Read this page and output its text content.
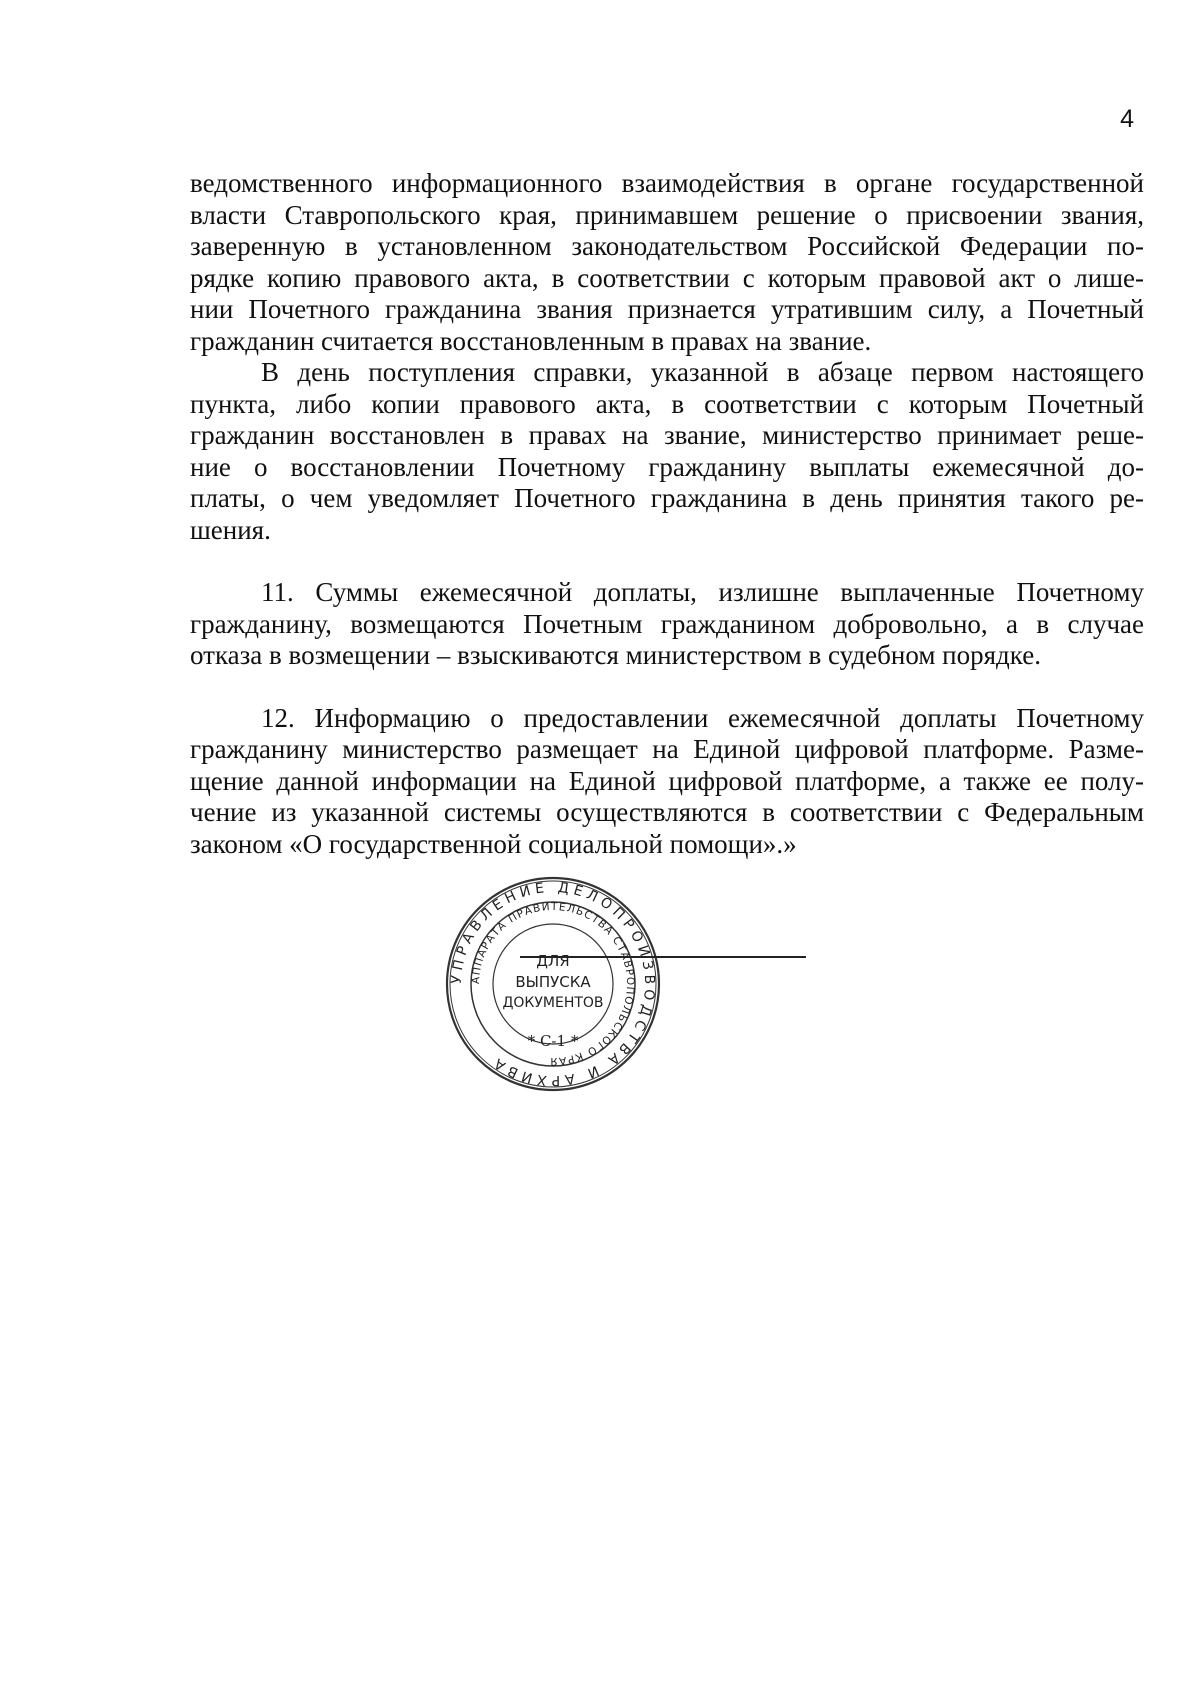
4
ведомственного информационного взаимодействия в органе государственной
власти Ставропольского края, принимавшем решение о присвоении звания,
заверенную в установленном законодательством Российской Федерации по-
рядке копию правового акта, в соответствии с которым правовой акт о лише-
нии Почетного гражданина звания признается утратившим силу, а Почетный
гражданин считается восстановленным в правах на звание.
В день поступления справки, указанной в абзаце первом настоящего
пункта, либо копии правового акта, в соответствии с которым Почетный
гражданин восстановлен в правах на звание, министерство принимает реше-
ние о восстановлении Почетному гражданину выплаты ежемесячной до-
платы, о чем уведомляет Почетного гражданина в день принятия такого ре-
шения.
11. Суммы ежемесячной доплаты, излишне выплаченные Почетному
гражданину, возмещаются Почетным гражданином добровольно, а в случае
отказа в возмещении – взыскиваются министерством в судебном порядке.
12. Информацию о предоставлении ежемесячной доплаты Почетному
гражданину министерство размещает на Единой цифровой платформе. Разме-
щение данной информации на Единой цифровой платформе, а также ее полу-
чение из указанной системы осуществляются в соответствии с Федеральным
законом «О государственной социальной помощи».»
УПРАВЛЕНИЕ ДЕЛОПРОИЗВОДСТВА И АРХИВА
АППАРАТА ПРАВИТЕЛЬСТВА СТАВРОПОЛЬСКОГО КРАЯ
ДЛЯ
ВЫПУСКА
ДОКУМЕНТОВ
* С-1 *
